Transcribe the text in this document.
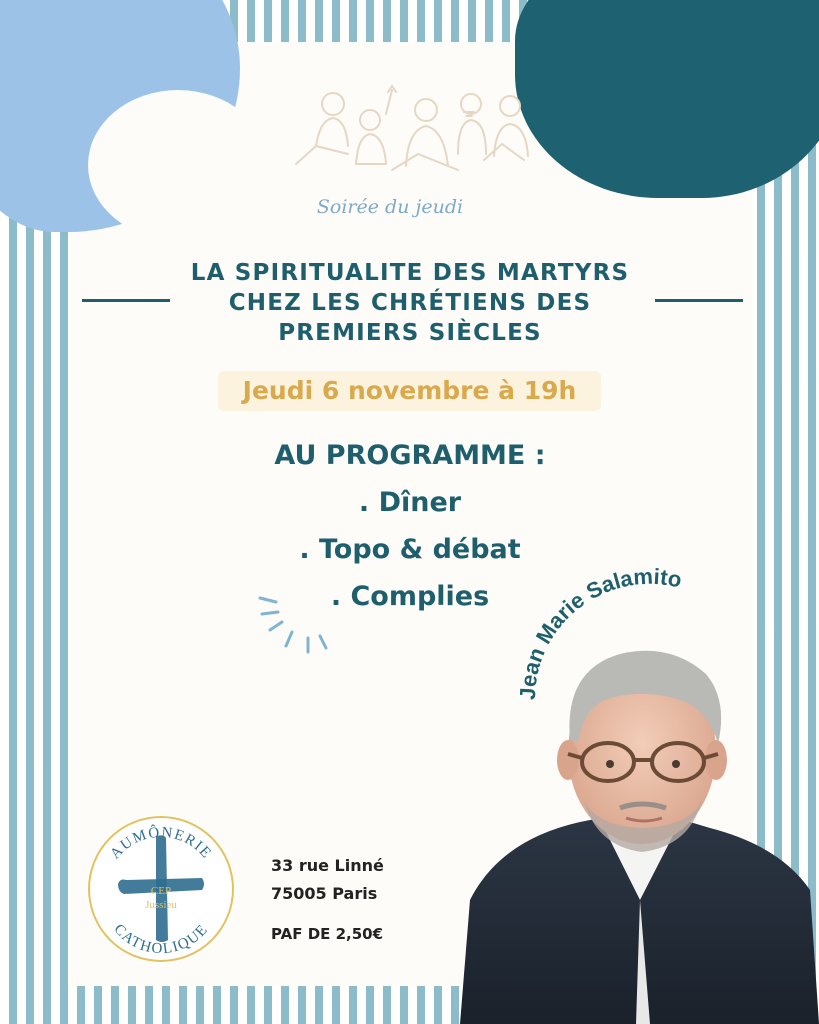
Soirée du jeudi
LA SPIRITUALITE DES MARTYRS
CHEZ LES CHRÉTIENS DES
PREMIERS SIÈCLES
Jeudi 6 novembre à 19h
AU PROGRAMME :
. Dîner
. Topo & débat
. Complies
Jean Marie Salamito
AUMÔNERIE
CATHOLIQUE
CEP
Jussieu
33 rue Linné
75005 Paris
PAF DE 2,50€
